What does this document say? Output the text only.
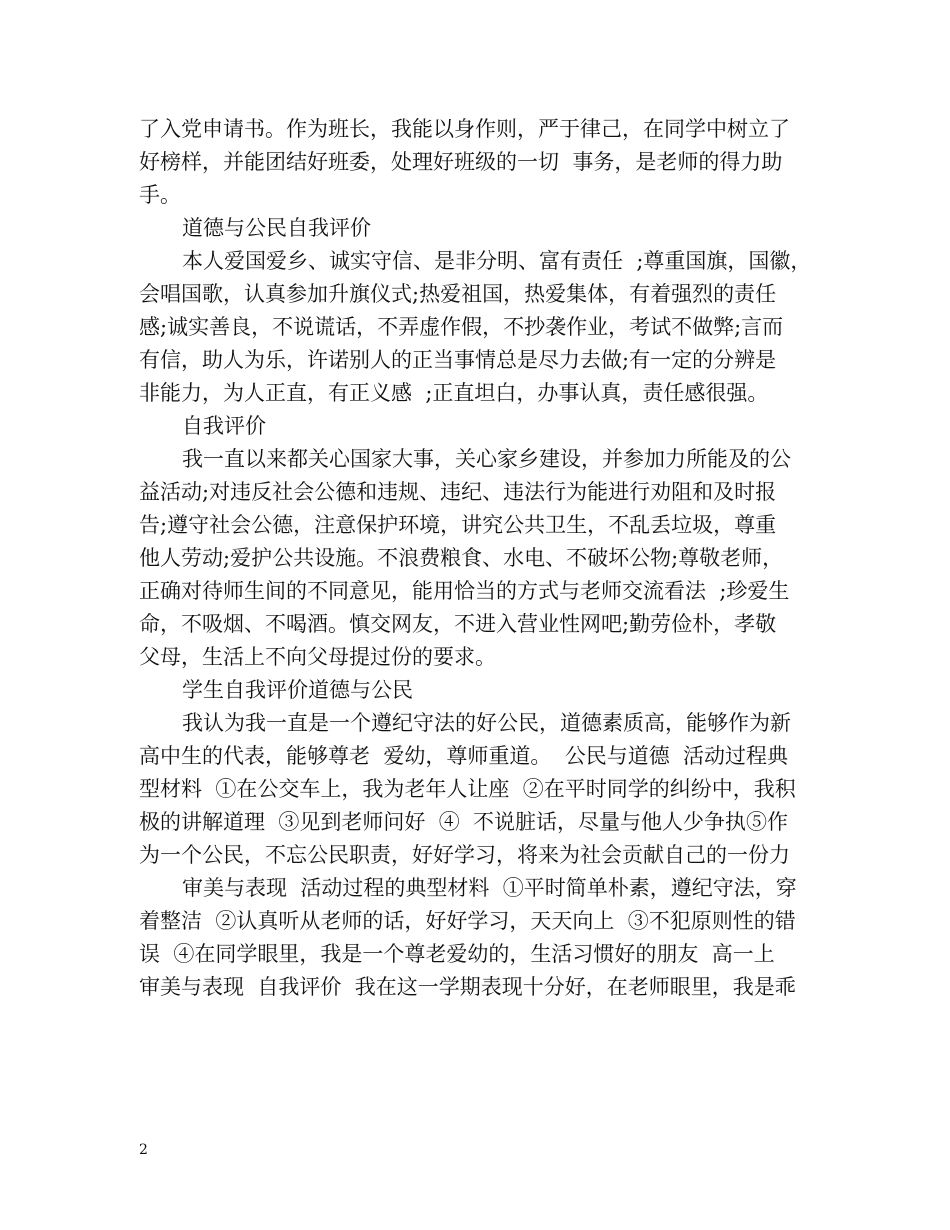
了入党申请书。作为班长，我能以身作则，严于律己，在同学中树立了
好榜样，并能团结好班委，处理好班级的一切  事务，是老师的得力助
手。
道德与公民自我评价
本人爱国爱乡、诚实守信、是非分明、富有责任  ;尊重国旗，国徽，
会唱国歌，认真参加升旗仪式;热爱祖国，热爱集体，有着强烈的责任
感;诚实善良，不说谎话，不弄虚作假，不抄袭作业，考试不做弊;言而
有信，助人为乐，许诺别人的正当事情总是尽力去做;有一定的分辨是
非能力，为人正直，有正义感  ;正直坦白，办事认真，责任感很强。
自我评价
我一直以来都关心国家大事，关心家乡建设，并参加力所能及的公
益活动;对违反社会公德和违规、违纪、违法行为能进行劝阻和及时报
告;遵守社会公德，注意保护环境，讲究公共卫生，不乱丢垃圾，尊重
他人劳动;爱护公共设施。不浪费粮食、水电、不破坏公物;尊敬老师，
正确对待师生间的不同意见，能用恰当的方式与老师交流看法  ;珍爱生
命，不吸烟、不喝酒。慎交网友，不进入营业性网吧;勤劳俭朴，孝敬
父母，生活上不向父母提过份的要求。
学生自我评价道德与公民
我认为我一直是一个遵纪守法的好公民，道德素质高，能够作为新
高中生的代表，能够尊老  爱幼，尊师重道。  公民与道德  活动过程典
型材料  ①在公交车上，我为老年人让座  ②在平时同学的纠纷中，我积
极的讲解道理  ③见到老师问好  ④  不说脏话，尽量与他人少争执⑤作
为一个公民，不忘公民职责，好好学习，将来为社会贡献自己的一份力
审美与表现  活动过程的典型材料  ①平时简单朴素，遵纪守法，穿
着整洁  ②认真听从老师的话，好好学习，天天向上  ③不犯原则性的错
误  ④在同学眼里，我是一个尊老爱幼的，生活习惯好的朋友  高一上
审美与表现  自我评价  我在这一学期表现十分好，在老师眼里，我是乖
2
